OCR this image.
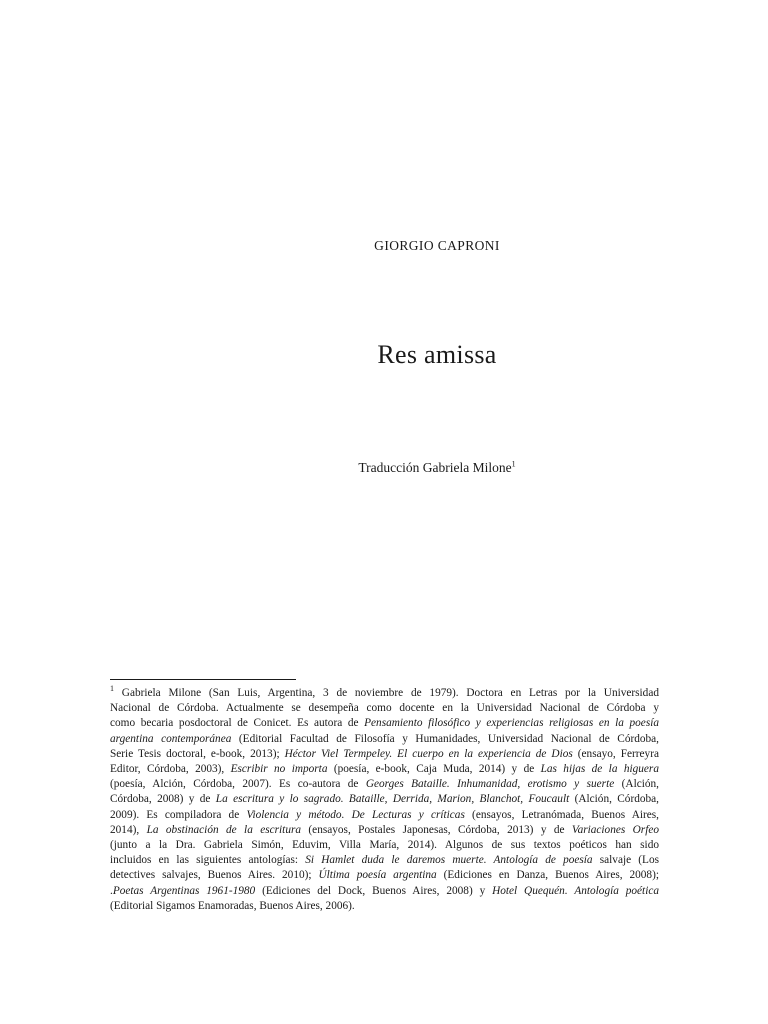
GIORGIO CAPRONI
Res amissa
Traducción Gabriela Milone$^1$
$^1$ Gabriela Milone (San Luis, Argentina, 3 de noviembre de 1979). Doctora en Letras por la Universidad
Nacional de Córdoba. Actualmente se desempeña como docente en la Universidad Nacional de Córdoba y
como becaria posdoctoral de Conicet. Es autora de Pensamiento filosófico y experiencias religiosas en la poesía
argentina contemporánea (Editorial Facultad de Filosofía y Humanidades, Universidad Nacional de Córdoba,
Serie Tesis doctoral, e-book, 2013); Héctor Viel Termpeley. El cuerpo en la experiencia de Dios (ensayo, Ferreyra
Editor, Córdoba, 2003), Escribir no importa (poesía, e-book, Caja Muda, 2014) y de Las hijas de la higuera
(poesía, Alción, Córdoba, 2007). Es co-autora de Georges Bataille. Inhumanidad, erotismo y suerte (Alción,
Córdoba, 2008) y de La escritura y lo sagrado. Bataille, Derrida, Marion, Blanchot, Foucault (Alción, Córdoba,
2009). Es compiladora de Violencia y método. De Lecturas y críticas (ensayos, Letranómada, Buenos Aires,
2014), La obstinación de la escritura (ensayos, Postales Japonesas, Córdoba, 2013) y de Variaciones Orfeo
(junto a la Dra. Gabriela Simón, Eduvim, Villa María, 2014). Algunos de sus textos poéticos han sido
incluidos en las siguientes antologías: Si Hamlet duda le daremos muerte. Antología de poesía salvaje (Los
detectives salvajes, Buenos Aires. 2010); Última poesía argentina (Ediciones en Danza, Buenos Aires, 2008);
.Poetas Argentinas 1961-1980 (Ediciones del Dock, Buenos Aires, 2008) y Hotel Quequén. Antología poética
(Editorial Sigamos Enamoradas, Buenos Aires, 2006).
